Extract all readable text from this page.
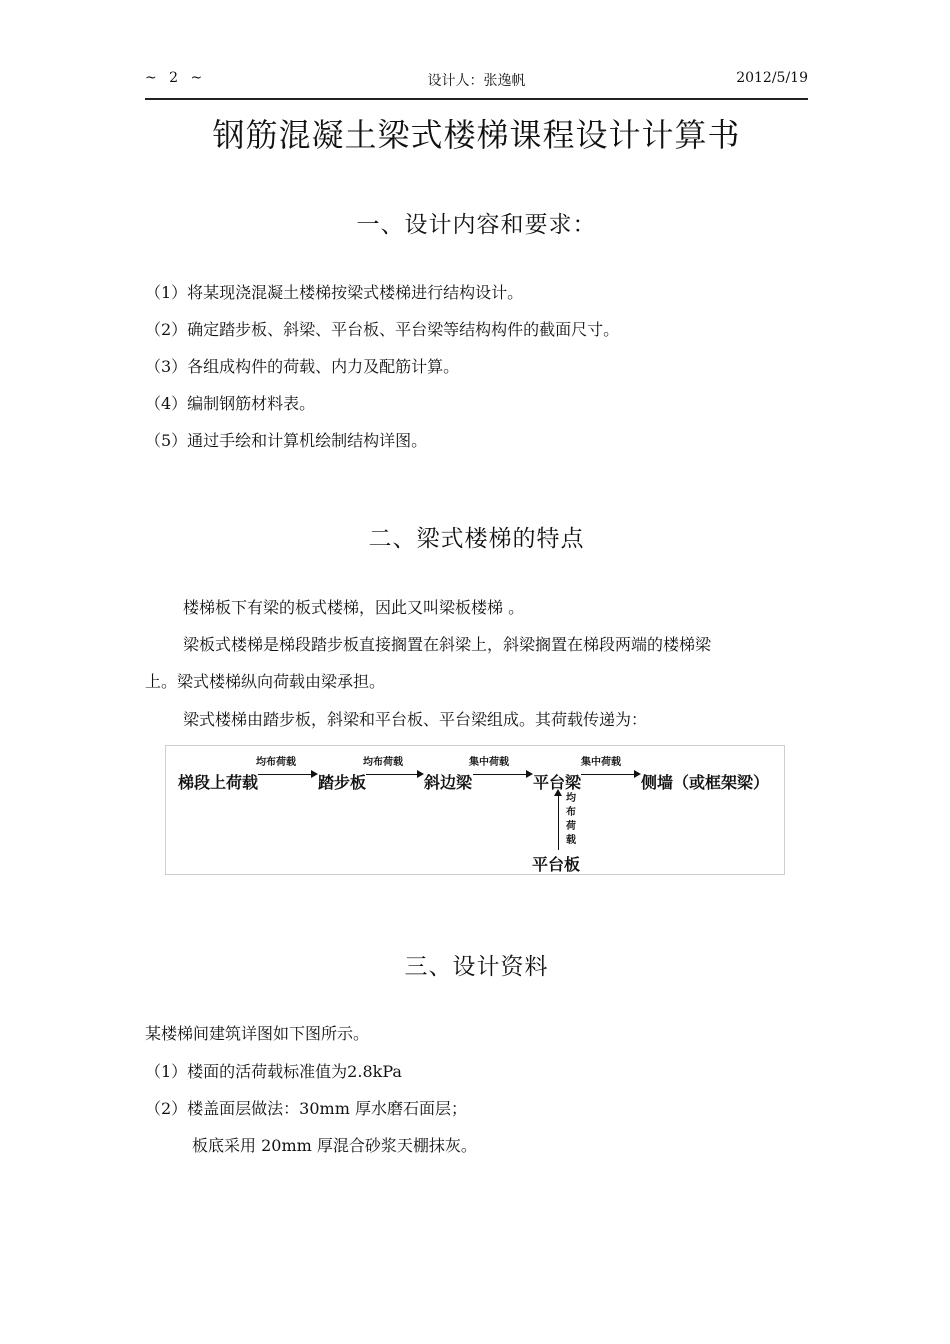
~ 2 ~	设计人：张逸帆	2012/5/19
钢筋混凝土梁式楼梯课程设计计算书
一、设计内容和要求：
（1）将某现浇混凝土楼梯按梁式楼梯进行结构设计。
（2）确定踏步板、斜梁、平台板、平台梁等结构构件的截面尺寸。
（3）各组成构件的荷载、内力及配筋计算。
（4）编制钢筋材料表。
（5）通过手绘和计算机绘制结构详图。
二、梁式楼梯的特点
楼梯板下有梁的板式楼梯，因此又叫梁板楼梯 。
梁板式楼梯是梯段踏步板直接搁置在斜梁上，斜梁搁置在梯段两端的楼梯梁
上。梁式楼梯纵向荷载由梁承担。
梁式楼梯由踏步板，斜梁和平台板、平台梁组成。其荷载传递为：
梯段上荷载
均布荷载
踏步板
均布荷载
斜边梁
集中荷载
平台梁
集中荷载
侧墙（或框架梁）
均布荷载
平台板
三、设计资料
某楼梯间建筑详图如下图所示。
（1）楼面的活荷载标准值为2.8kPa
（2）楼盖面层做法：30mm 厚水磨石面层；
板底采用 20mm 厚混合砂浆天棚抹灰。
